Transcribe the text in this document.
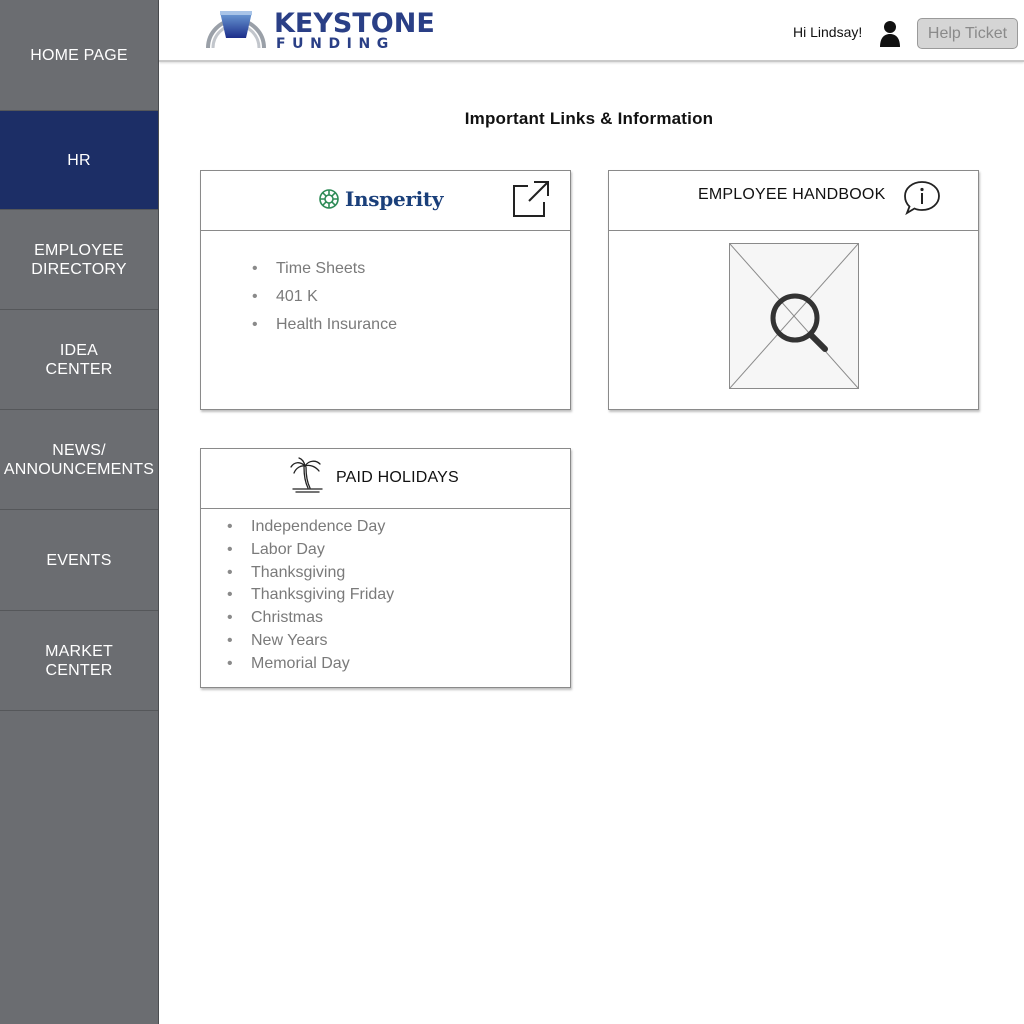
HOME PAGE
HR
EMPLOYEE
DIRECTORY
IDEA
CENTER
NEWS/
ANNOUNCEMENTS
EVENTS
MARKET
CENTER
KEYSTONE
FUNDING
Hi Lindsay!	Help Ticket
Important Links & Information
Insperity
• Time Sheets
• 401 K
• Health Insurance
EMPLOYEE HANDBOOK
PAID HOLIDAYS
• Independence Day
• Labor Day
• Thanksgiving
• Thanksgiving Friday
• Christmas
• New Years
• Memorial Day
